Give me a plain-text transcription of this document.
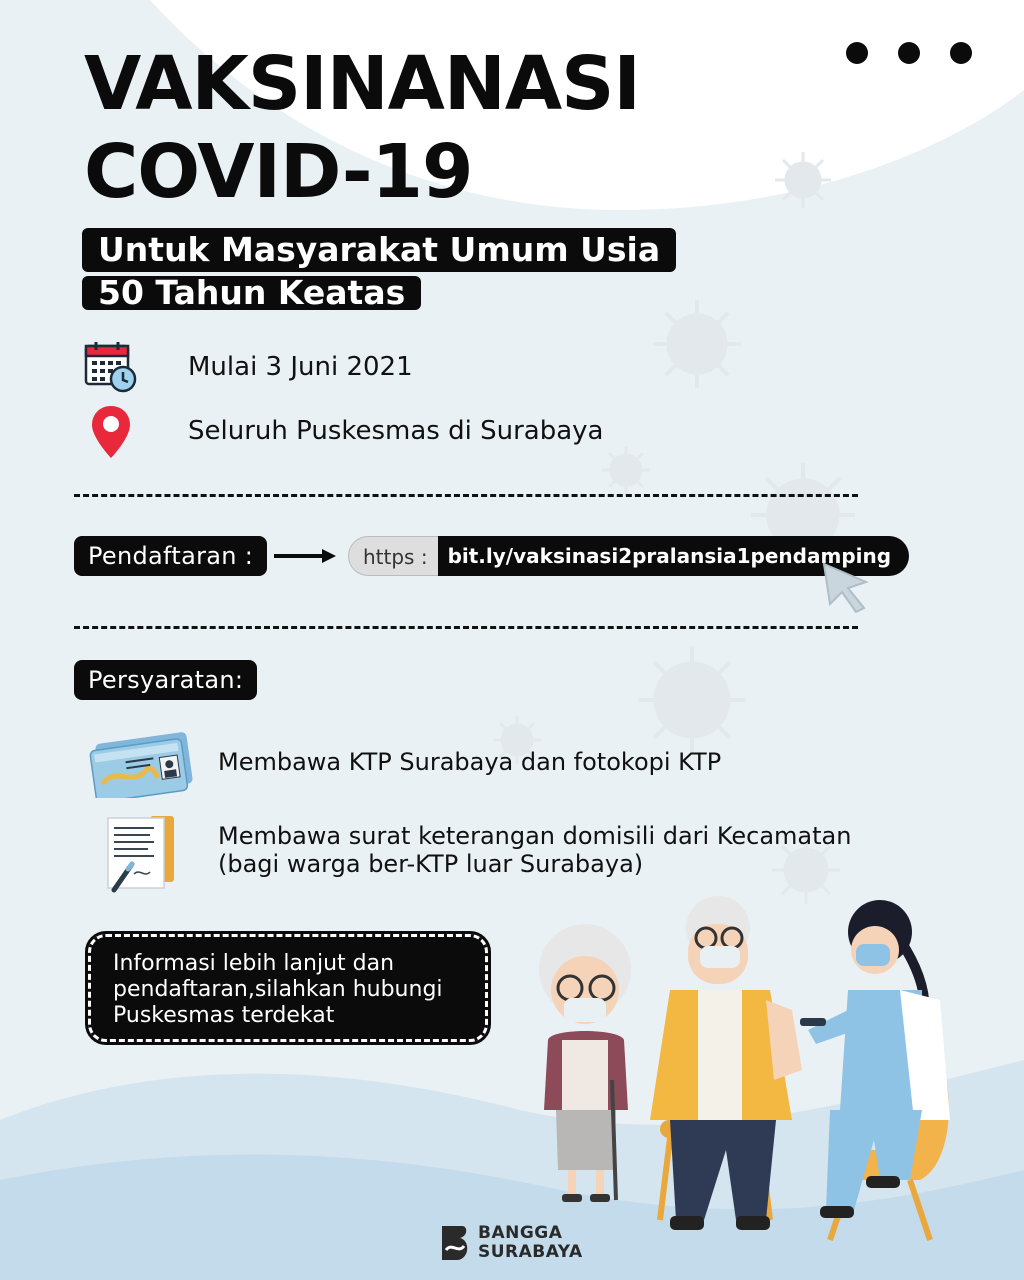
VAKSINANASI
COVID-19
Untuk Masyarakat Umum Usia
50 Tahun Keatas
Mulai 3 Juni 2021
Seluruh Puskesmas di Surabaya
Pendaftaran :	https :	bit.ly/vaksinasi2pralansia1pendamping
Persyaratan:
Membawa KTP Surabaya dan fotokopi KTP
Membawa surat keterangan domisili dari Kecamatan
(bagi warga ber-KTP luar Surabaya)
Informasi lebih lanjut dan
pendaftaran,silahkan hubungi
Puskesmas terdekat
BANGGA
SURABAYA
